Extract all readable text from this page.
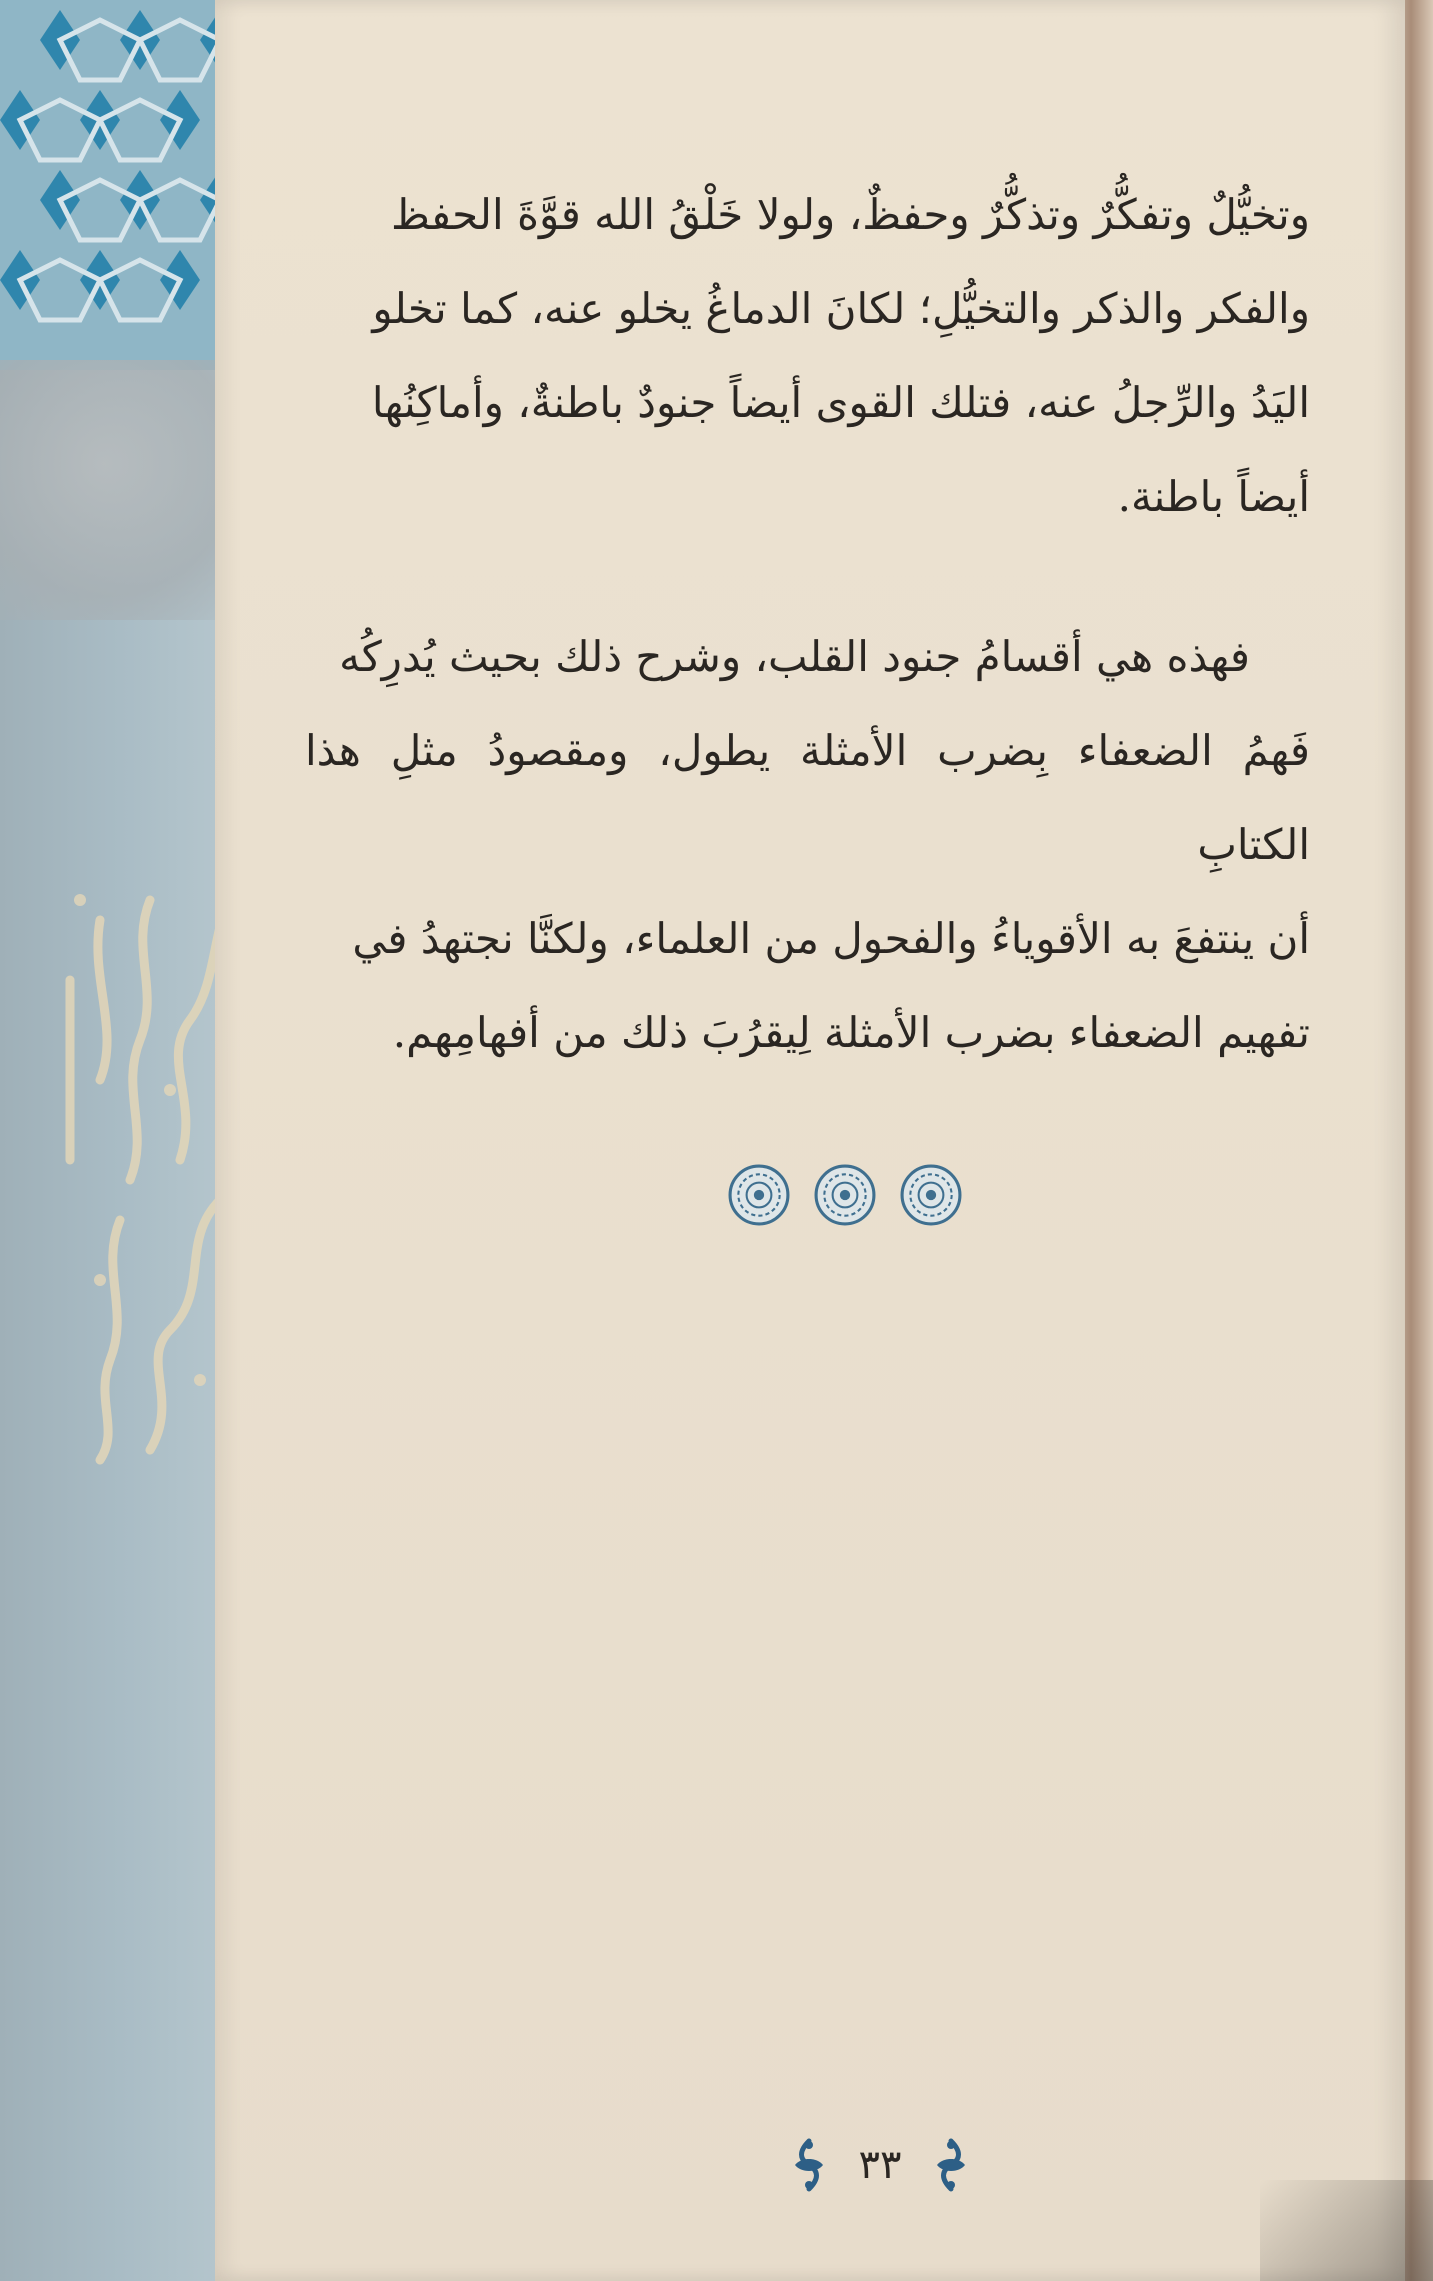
وتخيُّلٌ وتفكُّرٌ وتذكُّرٌ وحفظٌ، ولولا خَلْقُ الله قوَّةَ الحفظ

والفكر والذكر والتخيُّلِ؛ لكانَ الدماغُ يخلو عنه، كما تخلو

اليَدُ والرِّجلُ عنه، فتلك القوى أيضاً جنودٌ باطنةٌ، وأماكِنُها

أيضاً باطنة.

فهذه هي أقسامُ جنود القلب، وشرح ذلك بحيث يُدرِكُه

فَهمُ الضعفاء بِضرب الأمثلة يطول، ومقصودُ مثلِ هذا الكتابِ

أن ينتفعَ به الأقوياءُ والفحول من العلماء، ولكنَّا نجتهدُ في

تفهيم الضعفاء بضرب الأمثلة لِيقرُبَ ذلك من أفهامِهم.

٣٣
